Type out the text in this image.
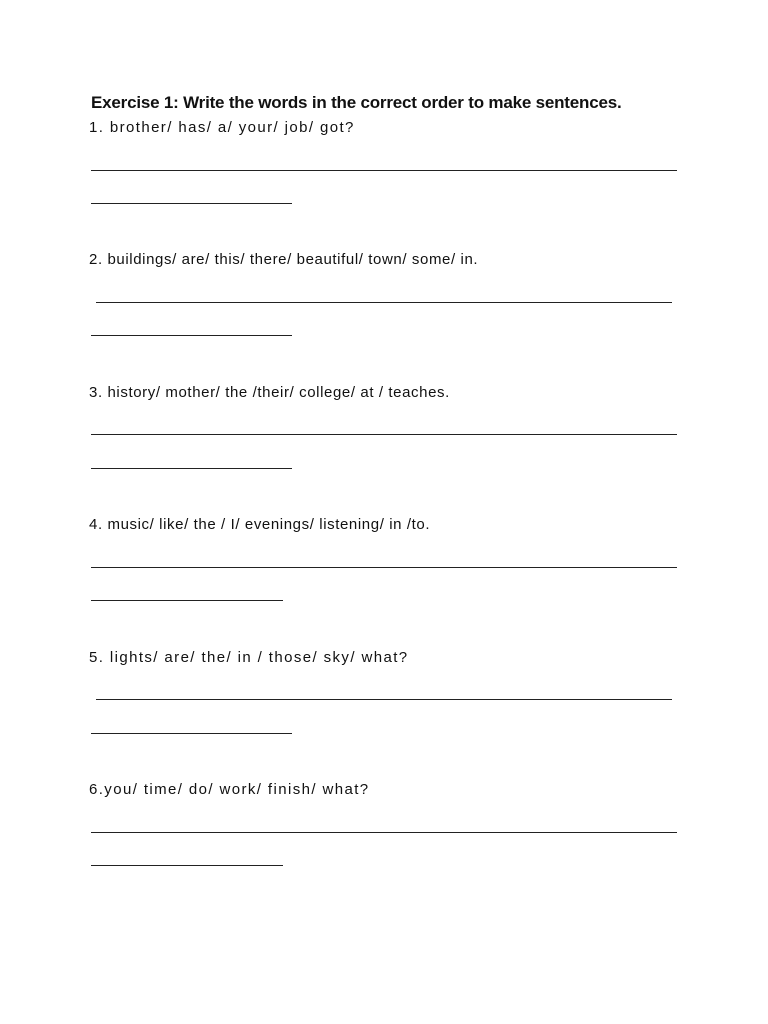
Exercise 1: Write the words in the correct order to make sentences.
1. brother/ has/ a/ your/ job/ got?
2. buildings/ are/ this/ there/ beautiful/ town/ some/ in.
3. history/ mother/ the /their/ college/ at / teaches.
4. music/ like/ the / I/ evenings/ listening/ in /to.
5. lights/ are/ the/ in / those/ sky/ what?
6.you/ time/ do/ work/ finish/ what?
